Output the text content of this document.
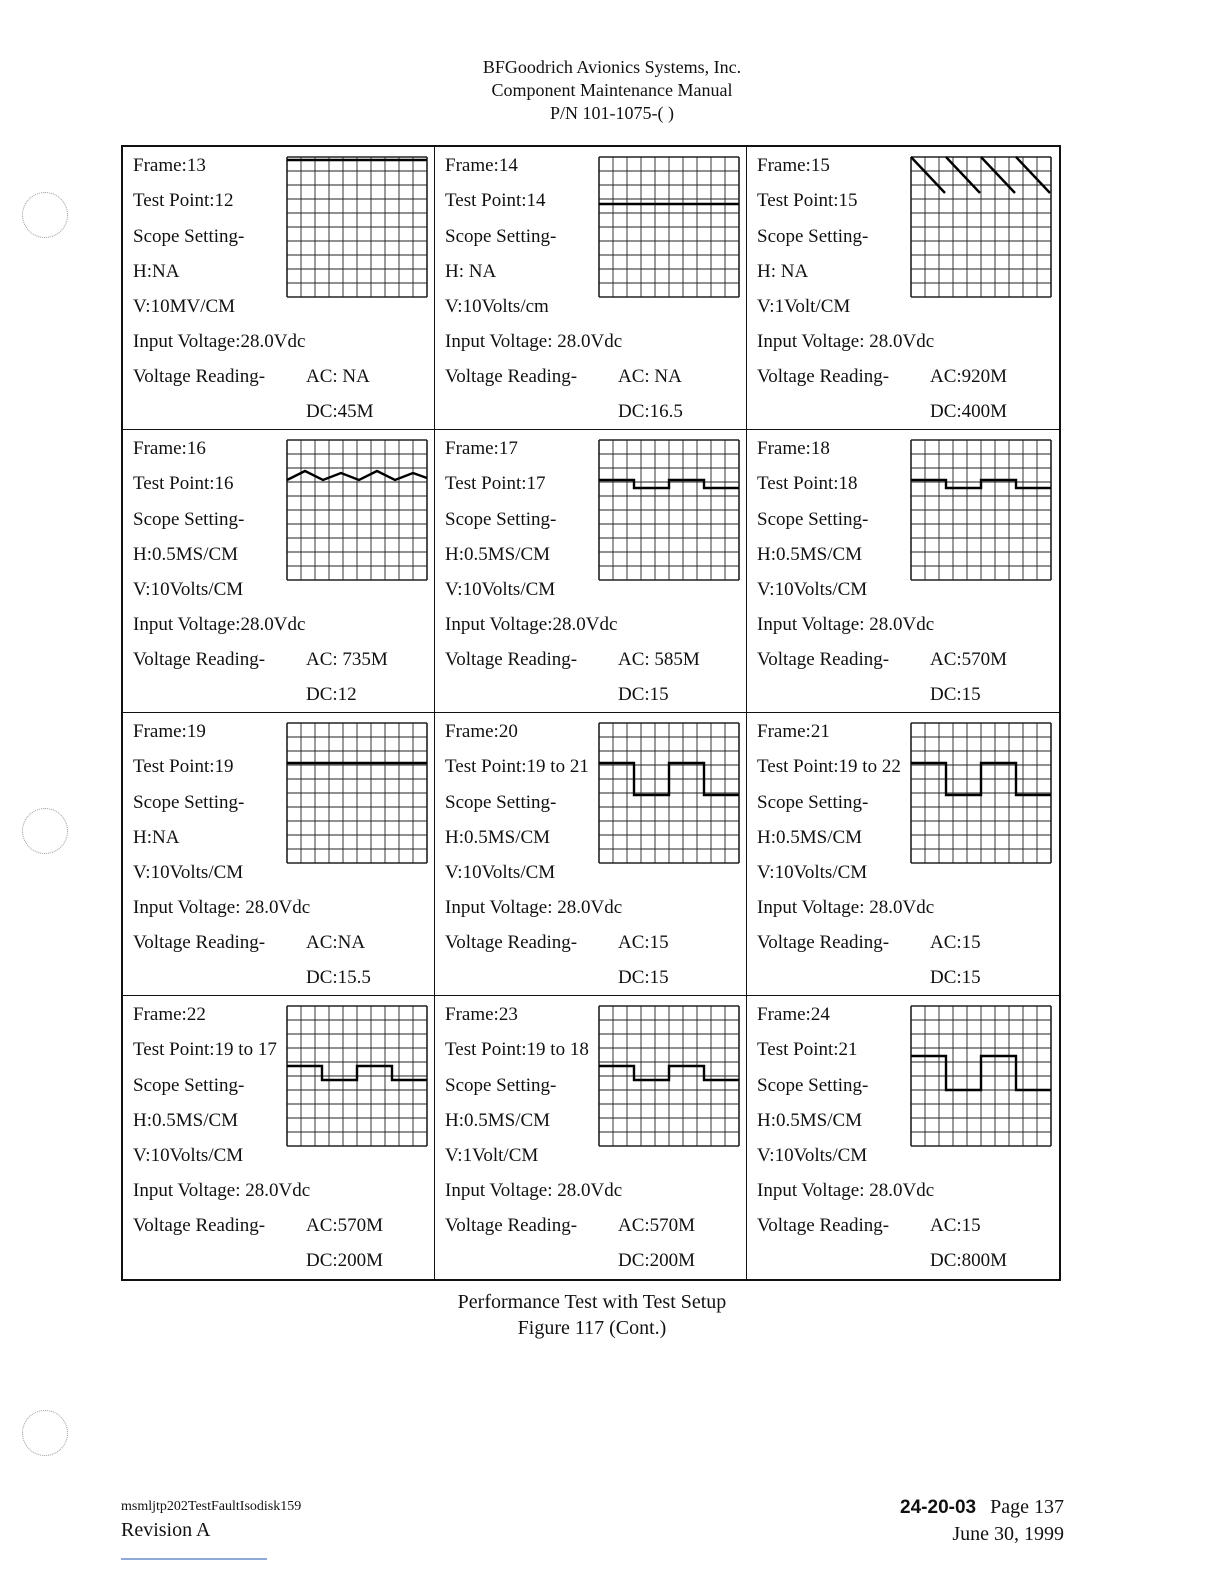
BFGoodrich Avionics Systems, Inc.
Component Maintenance Manual
P/N 101-1075-( )
Frame:13
Test Point:12
Scope Setting-
H:NA
V:10MV/CM
Input Voltage:28.0Vdc
Voltage Reading- AC: NA
DC:45M
Frame:14
Test Point:14
Scope Setting-
H: NA
V:10Volts/cm
Input Voltage: 28.0Vdc
Voltage Reading- AC: NA
DC:16.5
Frame:15
Test Point:15
Scope Setting-
H: NA
V:1Volt/CM
Input Voltage: 28.0Vdc
Voltage Reading- AC:920M
DC:400M
Frame:16
Test Point:16
Scope Setting-
H:0.5MS/CM
V:10Volts/CM
Input Voltage:28.0Vdc
Voltage Reading- AC: 735M
DC:12
Frame:17
Test Point:17
Scope Setting-
H:0.5MS/CM
V:10Volts/CM
Input Voltage:28.0Vdc
Voltage Reading- AC: 585M
DC:15
Frame:18
Test Point:18
Scope Setting-
H:0.5MS/CM
V:10Volts/CM
Input Voltage: 28.0Vdc
Voltage Reading- AC:570M
DC:15
Frame:19
Test Point:19
Scope Setting-
H:NA
V:10Volts/CM
Input Voltage: 28.0Vdc
Voltage Reading- AC:NA
DC:15.5
Frame:20
Test Point:19 to 21
Scope Setting-
H:0.5MS/CM
V:10Volts/CM
Input Voltage: 28.0Vdc
Voltage Reading- AC:15
DC:15
Frame:21
Test Point:19 to 22
Scope Setting-
H:0.5MS/CM
V:10Volts/CM
Input Voltage: 28.0Vdc
Voltage Reading- AC:15
DC:15
Frame:22
Test Point:19 to 17
Scope Setting-
H:0.5MS/CM
V:10Volts/CM
Input Voltage: 28.0Vdc
Voltage Reading- AC:570M
DC:200M
Frame:23
Test Point:19 to 18
Scope Setting-
H:0.5MS/CM
V:1Volt/CM
Input Voltage: 28.0Vdc
Voltage Reading- AC:570M
DC:200M
Frame:24
Test Point:21
Scope Setting-
H:0.5MS/CM
V:10Volts/CM
Input Voltage: 28.0Vdc
Voltage Reading- AC:15
DC:800M
Performance Test with Test Setup
Figure 117 (Cont.)
msmljtp202TestFaultIsodisk159
Revision A
24-20-03 Page 137
June 30, 1999
